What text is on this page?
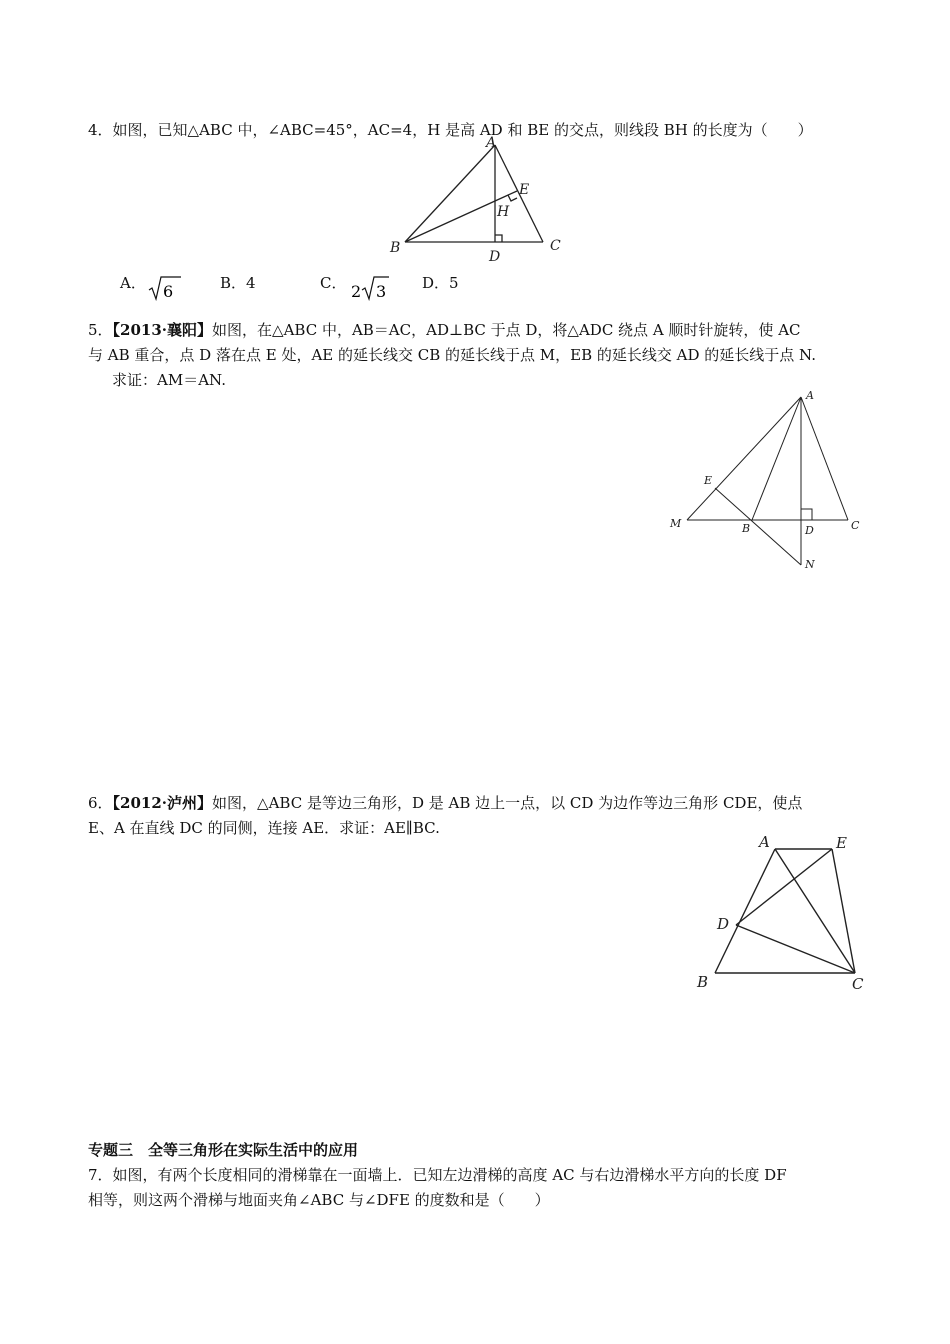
4．如图，已知△ABC 中，∠ABC=45°，AC=4，H 是高 AD 和 BE 的交点，则线段 BH 的长度为（　　）
A
B	C
D
E
H
A． 6	B．4	C． 2 3 D．5
5．【2013·襄阳】如图，在△ABC 中，AB＝AC，AD⊥BC 于点 D，将△ADC 绕点 A 顺时针旋转，使 AC
与 AB 重合，点 D 落在点 E 处，AE 的延长线交 CB 的延长线于点 M，EB 的延长线交 AD 的延长线于点 N.
求证：AM＝AN.
A
E
M	B	D	C
N
6．【2012·泸州】如图，△ABC 是等边三角形，D 是 AB 边上一点，以 CD 为边作等边三角形 CDE，使点
E、A 在直线 DC 的同侧，连接 AE．求证：AE∥BC.
A	E
D
B	C
专题三　全等三角形在实际生活中的应用
7．如图，有两个长度相同的滑梯靠在一面墙上．已知左边滑梯的高度 AC 与右边滑梯水平方向的长度 DF
相等，则这两个滑梯与地面夹角∠ABC 与∠DFE 的度数和是（　　）
